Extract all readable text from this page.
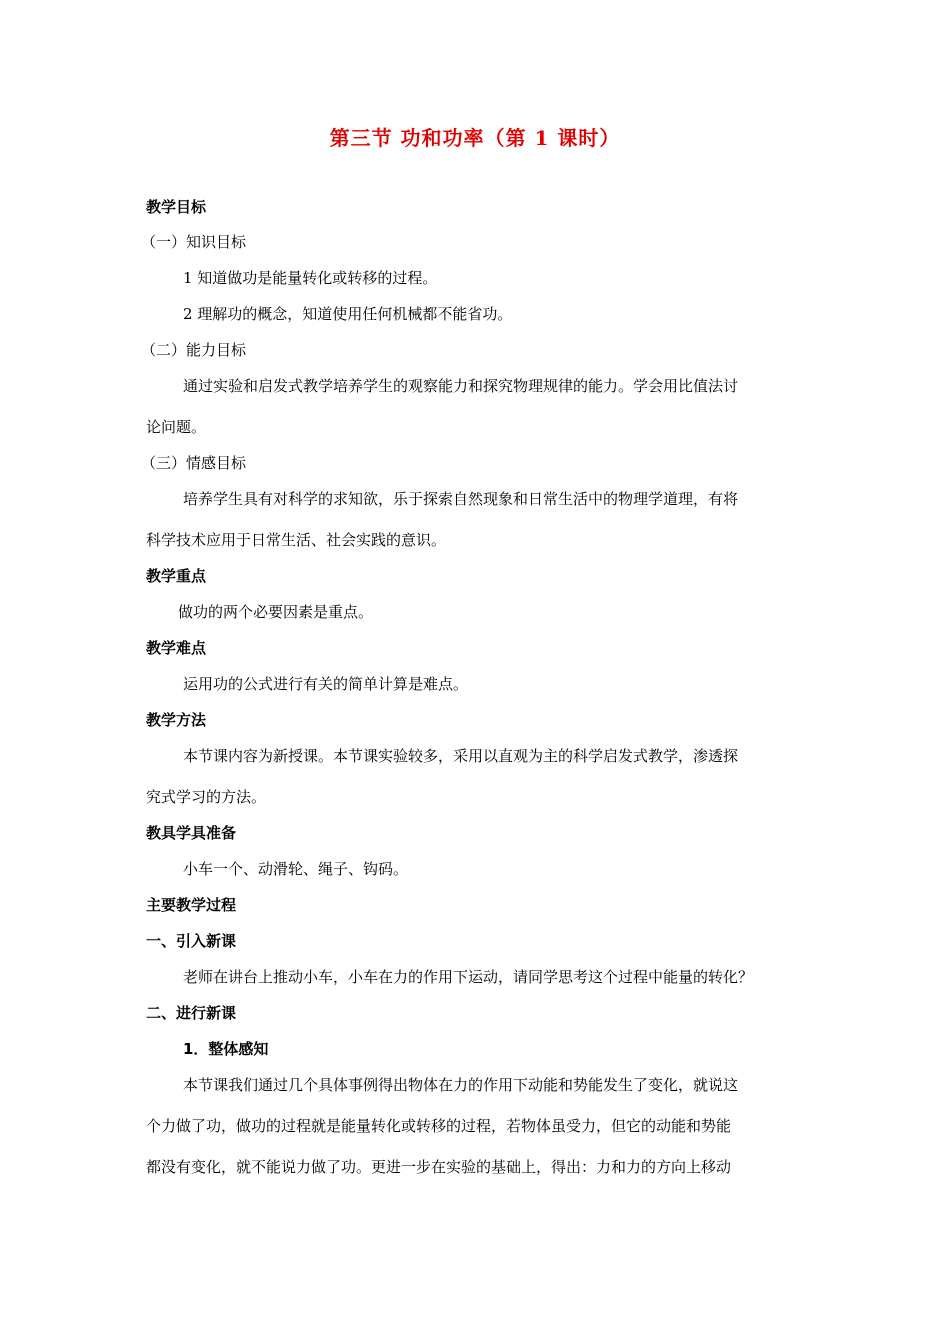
第三节 功和功率（第 1 课时）
教学目标
（一）知识目标
1 知道做功是能量转化或转移的过程。
2 理解功的概念，知道使用任何机械都不能省功。
（二）能力目标
通过实验和启发式教学培养学生的观察能力和探究物理规律的能力。学会用比值法讨
论问题。
（三）情感目标
培养学生具有对科学的求知欲，乐于探索自然现象和日常生活中的物理学道理，有将
科学技术应用于日常生活、社会实践的意识。
教学重点
做功的两个必要因素是重点。
教学难点
运用功的公式进行有关的简单计算是难点。
教学方法
本节课内容为新授课。本节课实验较多，采用以直观为主的科学启发式教学，渗透探
究式学习的方法。
教具学具准备
小车一个、动滑轮、绳子、钩码。
主要教学过程
一、引入新课
老师在讲台上推动小车，小车在力的作用下运动，请同学思考这个过程中能量的转化？
二、进行新课
1．整体感知
本节课我们通过几个具体事例得出物体在力的作用下动能和势能发生了变化，就说这
个力做了功，做功的过程就是能量转化或转移的过程，若物体虽受力，但它的动能和势能
都没有变化，就不能说力做了功。更进一步在实验的基础上，得出：力和力的方向上移动
